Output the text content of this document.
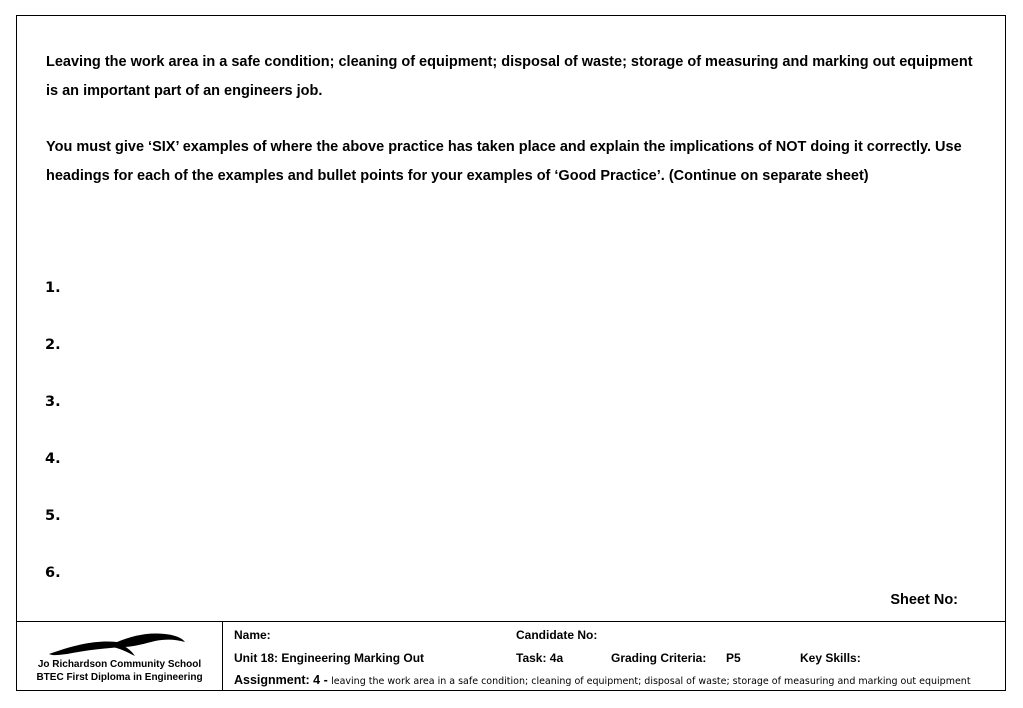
Leaving the work area in a safe condition; cleaning of equipment; disposal of waste; storage of measuring and marking out equipment is an important part of an engineers job.

You must give ‘SIX’ examples of where the above practice has taken place and explain the implications of NOT doing it correctly. Use headings for each of the examples and bullet points for your examples of ‘Good Practice’. (Continue on separate sheet)

1.

2.

3.

4.

5.

6.

Sheet No:
Jo Richardson Community School
BTEC First Diploma in Engineering
Name:	Candidate No:
Unit 18: Engineering Marking Out	Task: 4a	Grading Criteria: P5	Key Skills:
Assignment: 4 - leaving the work area in a safe condition; cleaning of equipment; disposal of waste; storage of measuring and marking out equipment
